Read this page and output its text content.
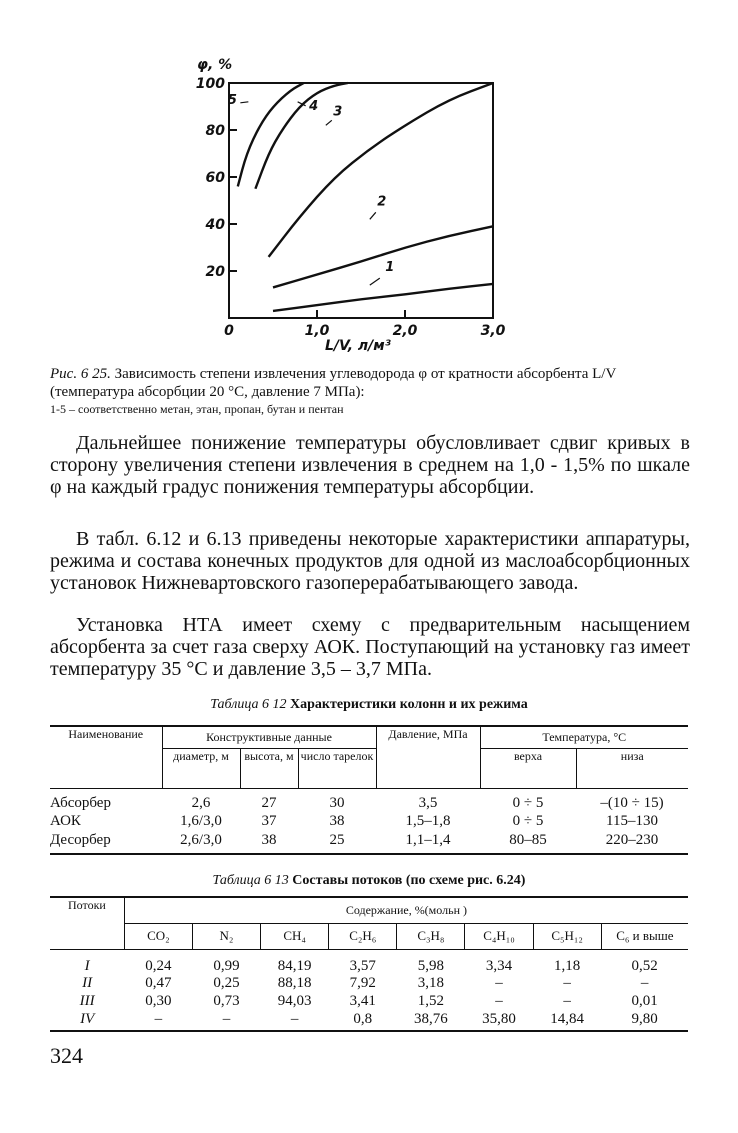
φ, %
20
40
60
80
100
0	1,0	2,0	3,0
1
2
3
4
5
L/V, л/м³
Рис. 6 25. Зависимость степени извлечения углеводорода φ от кратности абсорбента L/V (температура абсорбции 20 °С, давление 7 МПа):
1-5 – соответственно метан, этан, пропан, бутан и пентан

Дальнейшее понижение температуры обусловливает сдвиг кривых в сторону увеличения степени извлечения в среднем на 1,0 - 1,5% по шкале φ на каждый градус понижения температуры абсорбции.

В табл. 6.12 и 6.13 приведены некоторые характеристики аппаратуры, режима и состава конечных продуктов для одной из маслоабсорбционных установок Нижневартовского газоперерабатывающего завода.

Установка НТА имеет схему с предварительным насыщением абсорбента за счет газа сверху АОК. Поступающий на установку газ имеет температуру 35 °С и давление 3,5 – 3,7 МПа.

Таблица 6 12 Характеристики колонн и их режима
Наименование	Конструктивные данные			Давление, МПа	Температура, °С	
	диаметр, м	высота, м	число тарелок		верха	низа
Абсорбер	2,6	27	30	3,5	0 ÷ 5	–(10 ÷ 15)
АОК	1,6/3,0	37	38	1,5–1,8	0 ÷ 5	115–130
Десорбер	2,6/3,0	38	25	1,1–1,4	80–85	220–230
Таблица 6 13 Составы потоков (по схеме рис. 6.24)
Потоки	Содержание, %(мольн )							
	CO₂	N₂	CH₄	C₂H₆	C₃H₈	C₄H₁₀	C₅H₁₂	C₆ и выше
I	0,24	0,99	84,19	3,57	5,98	3,34	1,18	0,52
II	0,47	0,25	88,18	7,92	3,18	–	–	–
III	0,30	0,73	94,03	3,41	1,52	–	–	0,01
IV	–	–	–	0,8	38,76	35,80	14,84	9,80
324
